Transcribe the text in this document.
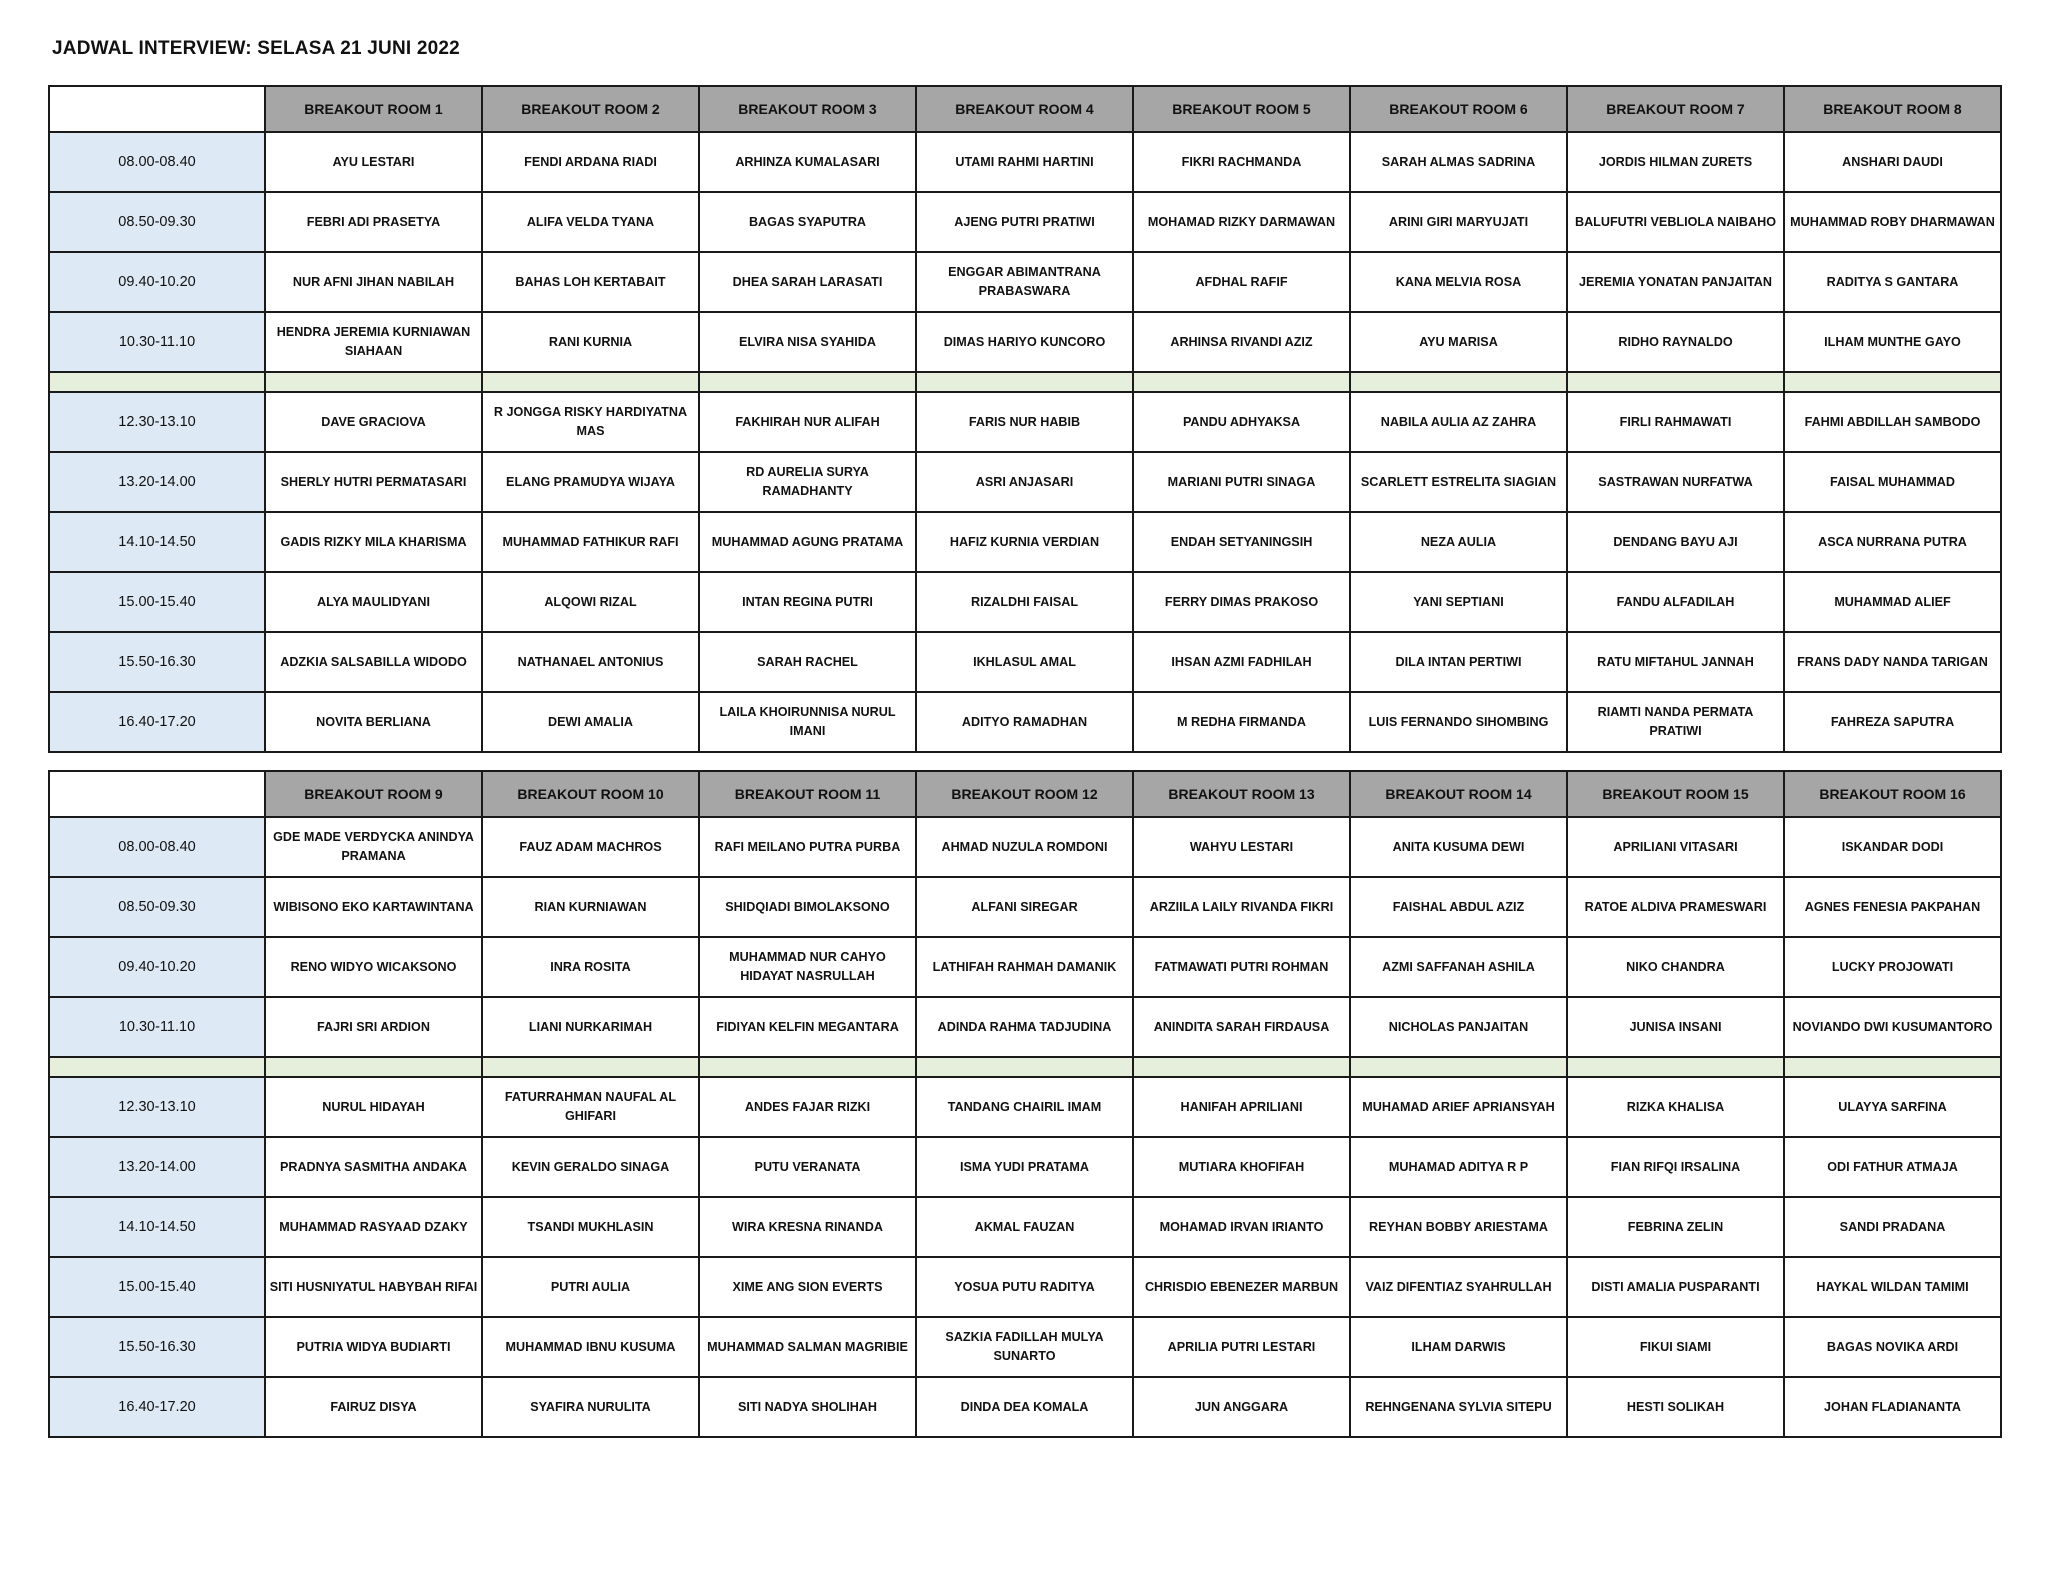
JADWAL INTERVIEW: SELASA 21 JUNI 2022
	BREAKOUT ROOM 1	BREAKOUT ROOM 2	BREAKOUT ROOM 3	BREAKOUT ROOM 4	BREAKOUT ROOM 5	BREAKOUT ROOM 6	BREAKOUT ROOM 7	BREAKOUT ROOM 8
08.00-08.40	AYU LESTARI	FENDI ARDANA RIADI	ARHINZA KUMALASARI	UTAMI RAHMI HARTINI	FIKRI RACHMANDA	SARAH ALMAS SADRINA	JORDIS HILMAN ZURETS	ANSHARI DAUDI
08.50-09.30	FEBRI ADI PRASETYA	ALIFA VELDA TYANA	BAGAS SYAPUTRA	AJENG PUTRI PRATIWI	MOHAMAD RIZKY DARMAWAN	ARINI GIRI MARYUJATI	BALUFUTRI VEBLIOLA NAIBAHO	MUHAMMAD ROBY DHARMAWAN
09.40-10.20	NUR AFNI JIHAN NABILAH	BAHAS LOH KERTABAIT	DHEA SARAH LARASATI	ENGGAR ABIMANTRANA PRABASWARA	AFDHAL RAFIF	KANA MELVIA ROSA	JEREMIA YONATAN PANJAITAN	RADITYA S GANTARA
10.30-11.10	HENDRA JEREMIA KURNIAWAN SIAHAAN	RANI KURNIA	ELVIRA NISA SYAHIDA	DIMAS HARIYO KUNCORO	ARHINSA RIVANDI AZIZ	AYU MARISA	RIDHO RAYNALDO	ILHAM MUNTHE GAYO

12.30-13.10	DAVE GRACIOVA	R JONGGA RISKY HARDIYATNA MAS	FAKHIRAH NUR ALIFAH	FARIS NUR HABIB	PANDU ADHYAKSA	NABILA AULIA AZ ZAHRA	FIRLI RAHMAWATI	FAHMI ABDILLAH SAMBODO
13.20-14.00	SHERLY HUTRI PERMATASARI	ELANG PRAMUDYA WIJAYA	RD AURELIA SURYA RAMADHANTY	ASRI ANJASARI	MARIANI PUTRI SINAGA	SCARLETT ESTRELITA SIAGIAN	SASTRAWAN NURFATWA	FAISAL MUHAMMAD
14.10-14.50	GADIS RIZKY MILA KHARISMA	MUHAMMAD FATHIKUR RAFI	MUHAMMAD AGUNG PRATAMA	HAFIZ KURNIA VERDIAN	ENDAH SETYANINGSIH	NEZA AULIA	DENDANG BAYU AJI	ASCA NURRANA PUTRA
15.00-15.40	ALYA MAULIDYANI	ALQOWI RIZAL	INTAN REGINA PUTRI	RIZALDHI FAISAL	FERRY DIMAS PRAKOSO	YANI SEPTIANI	FANDU ALFADILAH	MUHAMMAD ALIEF
15.50-16.30	ADZKIA SALSABILLA WIDODO	NATHANAEL ANTONIUS	SARAH RACHEL	IKHLASUL AMAL	IHSAN AZMI FADHILAH	DILA INTAN PERTIWI	RATU MIFTAHUL JANNAH	FRANS DADY NANDA TARIGAN
16.40-17.20	NOVITA BERLIANA	DEWI AMALIA	LAILA KHOIRUNNISA NURUL IMANI	ADITYO RAMADHAN	M REDHA FIRMANDA	LUIS FERNANDO SIHOMBING	RIAMTI NANDA PERMATA PRATIWI	FAHREZA SAPUTRA
	BREAKOUT ROOM 9	BREAKOUT ROOM 10	BREAKOUT ROOM 11	BREAKOUT ROOM 12	BREAKOUT ROOM 13	BREAKOUT ROOM 14	BREAKOUT ROOM 15	BREAKOUT ROOM 16
08.00-08.40	GDE MADE VERDYCKA ANINDYA PRAMANA	FAUZ ADAM MACHROS	RAFI MEILANO PUTRA PURBA	AHMAD NUZULA ROMDONI	WAHYU LESTARI	ANITA KUSUMA DEWI	APRILIANI VITASARI	ISKANDAR DODI
08.50-09.30	WIBISONO EKO KARTAWINTANA	RIAN KURNIAWAN	SHIDQIADI BIMOLAKSONO	ALFANI SIREGAR	ARZIILA LAILY RIVANDA FIKRI	FAISHAL ABDUL AZIZ	RATOE ALDIVA PRAMESWARI	AGNES FENESIA PAKPAHAN
09.40-10.20	RENO WIDYO WICAKSONO	INRA ROSITA	MUHAMMAD NUR CAHYO HIDAYAT NASRULLAH	LATHIFAH RAHMAH DAMANIK	FATMAWATI PUTRI ROHMAN	AZMI SAFFANAH ASHILA	NIKO CHANDRA	LUCKY PROJOWATI
10.30-11.10	FAJRI SRI ARDION	LIANI NURKARIMAH	FIDIYAN KELFIN MEGANTARA	ADINDA RAHMA TADJUDINA	ANINDITA SARAH FIRDAUSA	NICHOLAS PANJAITAN	JUNISA INSANI	NOVIANDO DWI KUSUMANTORO

12.30-13.10	NURUL HIDAYAH	FATURRAHMAN NAUFAL AL GHIFARI	ANDES FAJAR RIZKI	TANDANG CHAIRIL IMAM	HANIFAH APRILIANI	MUHAMAD ARIEF APRIANSYAH	RIZKA KHALISA	ULAYYA SARFINA
13.20-14.00	PRADNYA SASMITHA ANDAKA	KEVIN GERALDO SINAGA	PUTU VERANATA	ISMA YUDI PRATAMA	MUTIARA KHOFIFAH	MUHAMAD ADITYA R P	FIAN RIFQI IRSALINA	ODI FATHUR ATMAJA
14.10-14.50	MUHAMMAD RASYAAD DZAKY	TSANDI MUKHLASIN	WIRA KRESNA RINANDA	AKMAL FAUZAN	MOHAMAD IRVAN IRIANTO	REYHAN BOBBY ARIESTAMA	FEBRINA ZELIN	SANDI PRADANA
15.00-15.40	SITI HUSNIYATUL HABYBAH RIFAI	PUTRI AULIA	XIME ANG SION EVERTS	YOSUA PUTU RADITYA	CHRISDIO EBENEZER MARBUN	VAIZ DIFENTIAZ SYAHRULLAH	DISTI AMALIA PUSPARANTI	HAYKAL WILDAN TAMIMI
15.50-16.30	PUTRIA WIDYA BUDIARTI	MUHAMMAD IBNU KUSUMA	MUHAMMAD SALMAN MAGRIBIE	SAZKIA FADILLAH MULYA SUNARTO	APRILIA PUTRI LESTARI	ILHAM DARWIS	FIKUI SIAMI	BAGAS NOVIKA ARDI
16.40-17.20	FAIRUZ DISYA	SYAFIRA NURULITA	SITI NADYA SHOLIHAH	DINDA DEA KOMALA	JUN ANGGARA	REHNGENANA SYLVIA SITEPU	HESTI SOLIKAH	JOHAN FLADIANANTA
